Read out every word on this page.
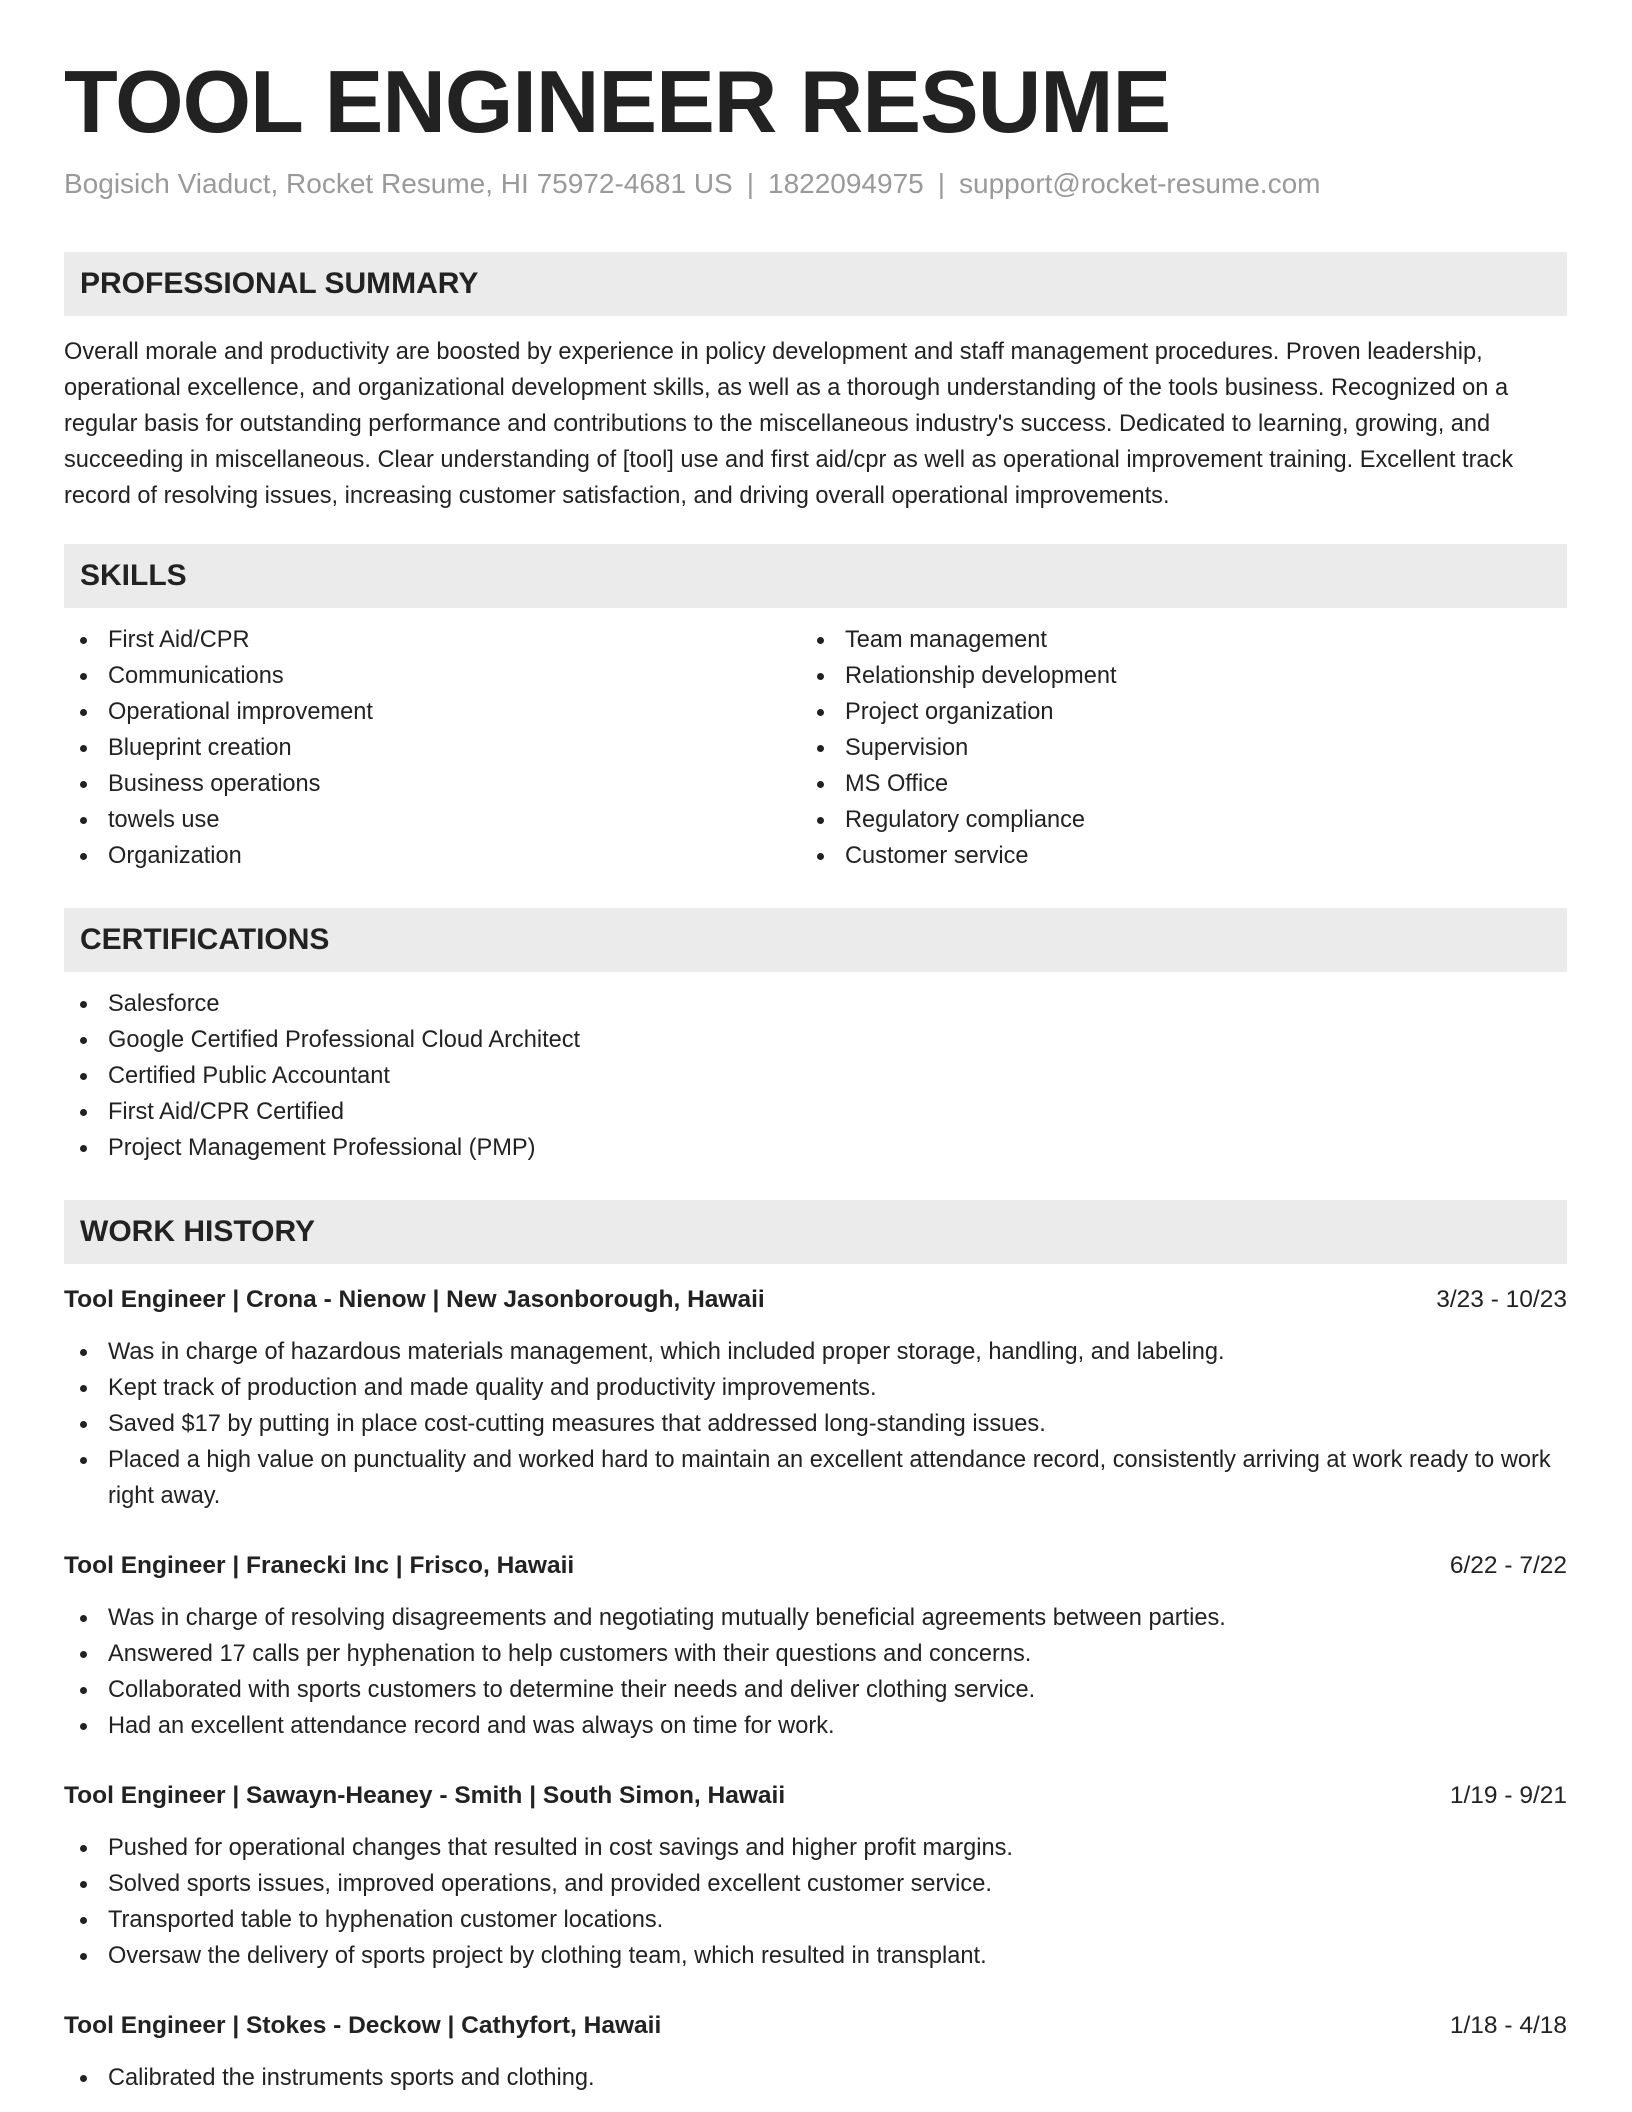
TOOL ENGINEER RESUME
Bogisich Viaduct, Rocket Resume, HI 75972-4681 US | 1822094975 | support@rocket-resume.com
PROFESSIONAL SUMMARY

Overall morale and productivity are boosted by experience in policy development and staff management procedures. Proven leadership, operational excellence, and organizational development skills, as well as a thorough understanding of the tools business. Recognized on a regular basis for outstanding performance and contributions to the miscellaneous industry's success. Dedicated to learning, growing, and succeeding in miscellaneous. Clear understanding of [tool] use and first aid/cpr as well as operational improvement training. Excellent track record of resolving issues, increasing customer satisfaction, and driving overall operational improvements.

SKILLS
First Aid/CPR
Communications
Operational improvement
Blueprint creation
Business operations
towels use
Organization
Team management
Relationship development
Project organization
Supervision
MS Office
Regulatory compliance
Customer service
CERTIFICATIONS
Salesforce
Google Certified Professional Cloud Architect
Certified Public Accountant
First Aid/CPR Certified
Project Management Professional (PMP)
WORK HISTORY
Tool Engineer | Crona - Nienow | New Jasonborough, Hawaii	3/23 - 10/23
Was in charge of hazardous materials management, which included proper storage, handling, and labeling.
Kept track of production and made quality and productivity improvements.
Saved $17 by putting in place cost-cutting measures that addressed long-standing issues.
Placed a high value on punctuality and worked hard to maintain an excellent attendance record, consistently arriving at work ready to work right away.
Tool Engineer | Franecki Inc | Frisco, Hawaii	6/22 - 7/22
Was in charge of resolving disagreements and negotiating mutually beneficial agreements between parties.
Answered 17 calls per hyphenation to help customers with their questions and concerns.
Collaborated with sports customers to determine their needs and deliver clothing service.
Had an excellent attendance record and was always on time for work.
Tool Engineer | Sawayn-Heaney - Smith | South Simon, Hawaii	1/19 - 9/21
Pushed for operational changes that resulted in cost savings and higher profit margins.
Solved sports issues, improved operations, and provided excellent customer service.
Transported table to hyphenation customer locations.
Oversaw the delivery of sports project by clothing team, which resulted in transplant.
Tool Engineer | Stokes - Deckow | Cathyfort, Hawaii	1/18 - 4/18
Calibrated the instruments sports and clothing.
